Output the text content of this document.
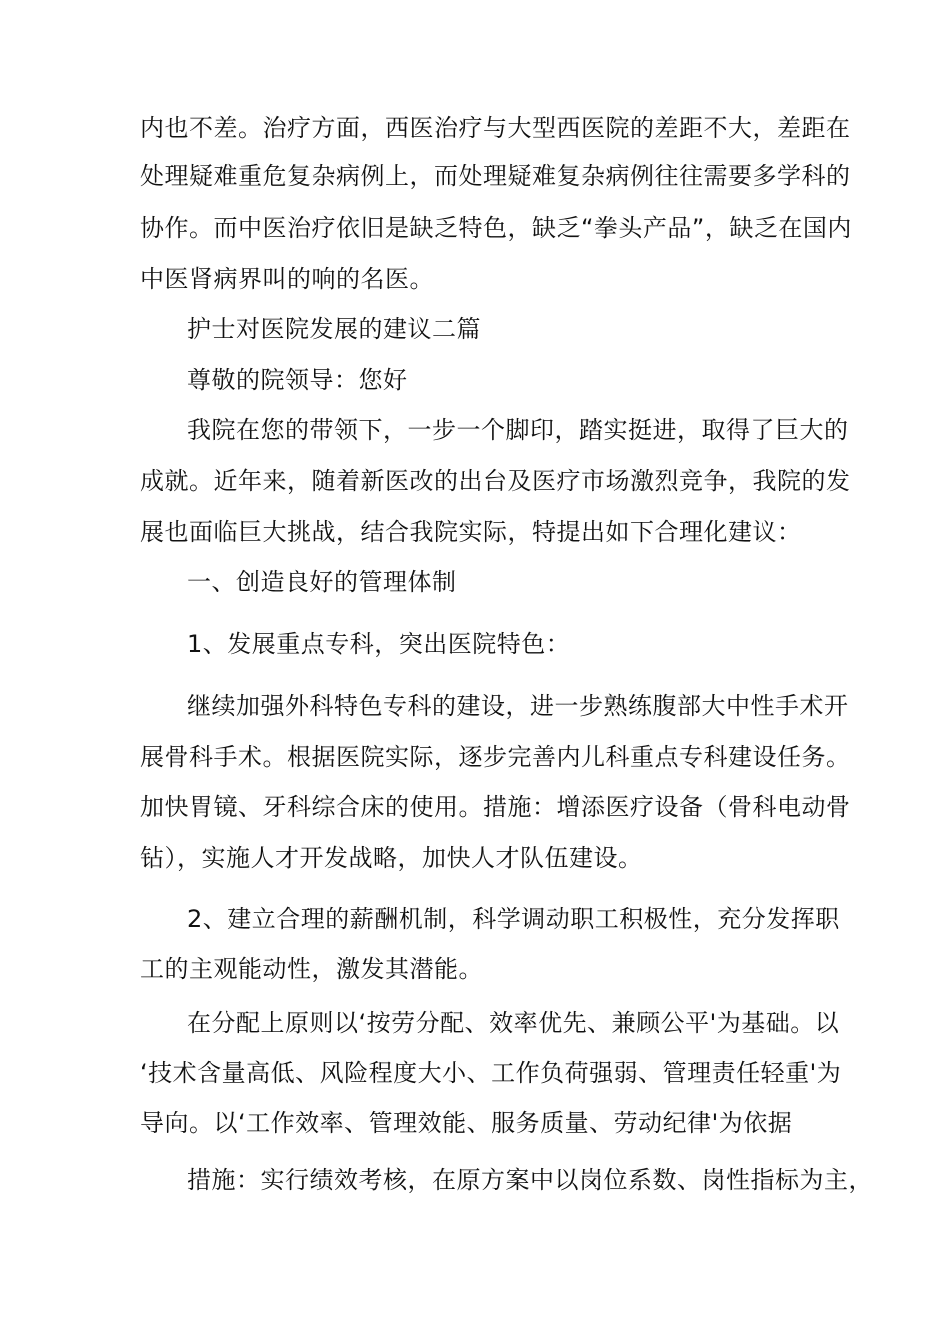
内也不差。治疗方面，西医治疗与大型西医院的差距不大，差距在
处理疑难重危复杂病例上，而处理疑难复杂病例往往需要多学科的
协作。而中医治疗依旧是缺乏特色，缺乏“拳头产品”，缺乏在国内
中医肾病界叫的响的名医。
护士对医院发展的建议二篇
尊敬的院领导：您好
我院在您的带领下，一步一个脚印，踏实挺进，取得了巨大的
成就。近年来，随着新医改的出台及医疗市场激烈竞争，我院的发
展也面临巨大挑战，结合我院实际，特提出如下合理化建议：
一、创造良好的管理体制
1、发展重点专科，突出医院特色：
继续加强外科特色专科的建设，进一步熟练腹部大中性手术开
展骨科手术。根据医院实际，逐步完善内儿科重点专科建设任务。
加快胃镜、牙科综合床的使用。措施：增添医疗设备（骨科电动骨
钻），实施人才开发战略，加快人才队伍建设。
2、建立合理的薪酬机制，科学调动职工积极性，充分发挥职
工的主观能动性，激发其潜能。
在分配上原则以‘按劳分配、效率优先、兼顾公平'为基础。以
‘技术含量高低、风险程度大小、工作负荷强弱、管理责任轻重'为
导向。以‘工作效率、管理效能、服务质量、劳动纪律'为依据
措施：实行绩效考核，在原方案中以岗位系数、岗性指标为主，
